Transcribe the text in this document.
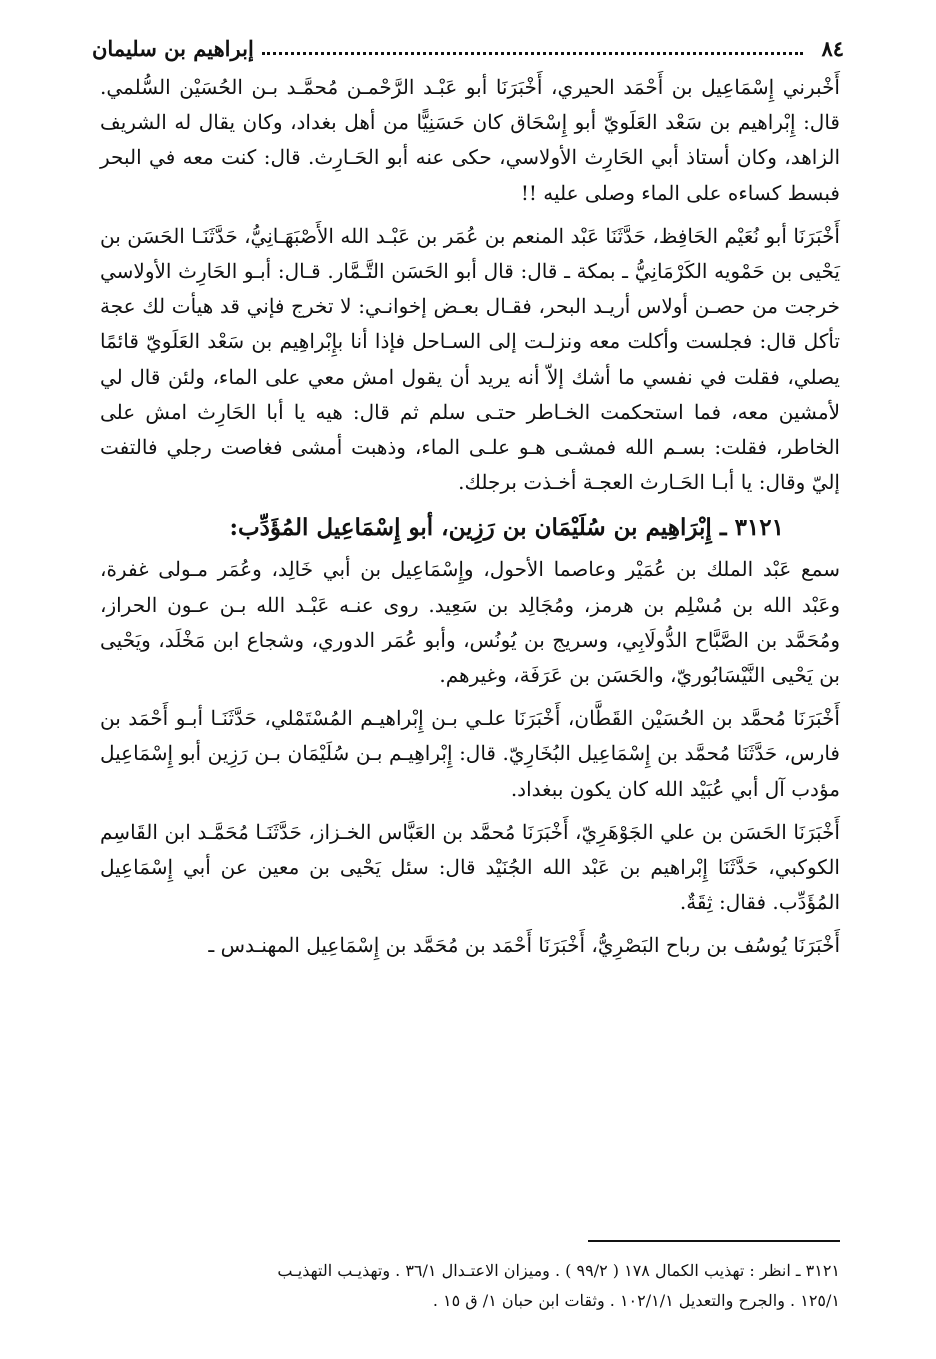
٨٤
إبراهيم بن سليمان

أَخْبرني إِسْمَاعِيل بن أَحْمَد الحيري، أَخْبَرَنَا أبو عَبْـد الرَّحْمـن مُحمَّـد بـن الحُسَيْن السُّلمي. قال: إِبْراهيم بن سَعْد العَلَويّ أبو إِسْحَاق كان حَسَنِيًّا من أهل بغداد، وكان يقال له الشريف الزاهد، وكان أستاذ أبي الحَارِث الأولاسي، حكى عنه أبو الحَـارِث. قال: كنت معه في البحر فبسط كساءه على الماء وصلى عليه !!

أَخْبَرَنَا أبو نُعَيْم الحَافِظ، حَدَّثَنَا عَبْد المنعم بن عُمَر بن عَبْـد الله الأَصْبَهَـانِيُّ، حَدَّثَنَـا الحَسَن بن يَحْيى بن حَمْويه الكَرْمَانِيُّ ـ بمكة ـ قال: قال أبو الحَسَن التَّـمَّار. قـال: أبـو الحَارِث الأولاسي خرجت من حصـن أولاس أريـد البحر، فقـال بعـض إخوانـي: لا تخرج فإني قد هيأت لك عجة تأكل قال: فجلست وأكلت معه ونزلـت إلى السـاحل فإذا أنا بإِبْراهِيم بن سَعْد العَلَويّ قائمًا يصلي، فقلت في نفسي ما أشك إلاّ أنه يريد أن يقول امش معي على الماء، ولئن قال لي لأمشين معه، فما استحكمت الخـاطر حتـى سلم ثم قال: هيه يا أبا الحَارِث امش على الخاطر، فقلت: بسـم الله فمشـى هـو علـى الماء، وذهبت أمشى فغاصت رجلي فالتفت إليّ وقال: يا أبـا الحَـارث العجـة أخـذت برجلك.

٣١٢١ ـ إِبْرَاهِيم بن سُلَيْمَان بن رَزِين، أبو إِسْمَاعِيل المُؤَدِّب:

سمع عَبْد الملك بن عُمَيْر وعاصما الأحول، وإِسْمَاعِيل بن أبي خَالِد، وعُمَر مـولى غفرة، وعَبْد الله بن مُسْلِم بن هرمز، ومُجَالِد بن سَعِيد. روى عنـه عَبْـد الله بـن عـون الحراز، ومُحَمَّد بن الصَّبَّاح الدُّولَابِي، وسريج بن يُونُس، وأبو عُمَر الدوري، وشجاع ابن مَخْلَد، ويَحْيى بن يَحْيى النَّيْسَابُوريّ، والحَسَن بن عَرَفَة، وغيرهم.

أَخْبَرَنَا مُحمَّد بن الحُسَيْن القَطَّان، أَخْبَرَنَا علـي بـن إِبْراهيـم المُسْتَمْلي، حَدَّثَنَـا أبـو أَحْمَد بن فارس، حَدَّثَنَا مُحمَّد بن إِسْمَاعِيل البُخَارِيّ. قال: إِبْراهِيـم بـن سُلَيْمَان بـن رَزِين أبو إِسْمَاعِيل مؤدب آل أبي عُبَيْد الله كان يكون ببغداد.

أَخْبَرَنَا الحَسَن بن علي الجَوْهَرِيّ، أَخْبَرَنَا مُحمَّد بن العَبَّاس الخـزاز، حَدَّثَنَـا مُحَمَّـد ابن القَاسِم الكوكبي، حَدَّثَنَا إِبْراهيم بن عَبْد الله الجُنَيْد قال: سئل يَحْيى بن معين عن أبي إِسْمَاعِيل المُؤَدِّب. فقال: ثِقَةٌ.

أَخْبَرَنَا يُوسُف بن رباح البَصْرِيُّ، أَخْبَرَنَا أَحْمَد بن مُحَمَّد بن إِسْمَاعِيل المهنـدس ـ

٣١٢١ ـ انظر : تهذيب الكمال ١٧٨ ( ٩٩/٢ ) . وميزان الاعتـدال ٣٦/١ . وتهذيـب التهذيـب

١٢٥/١ . والجرح والتعديل ١٠٢/١/١ . وثقات ابن حبان ١/ ق ١٥ .
